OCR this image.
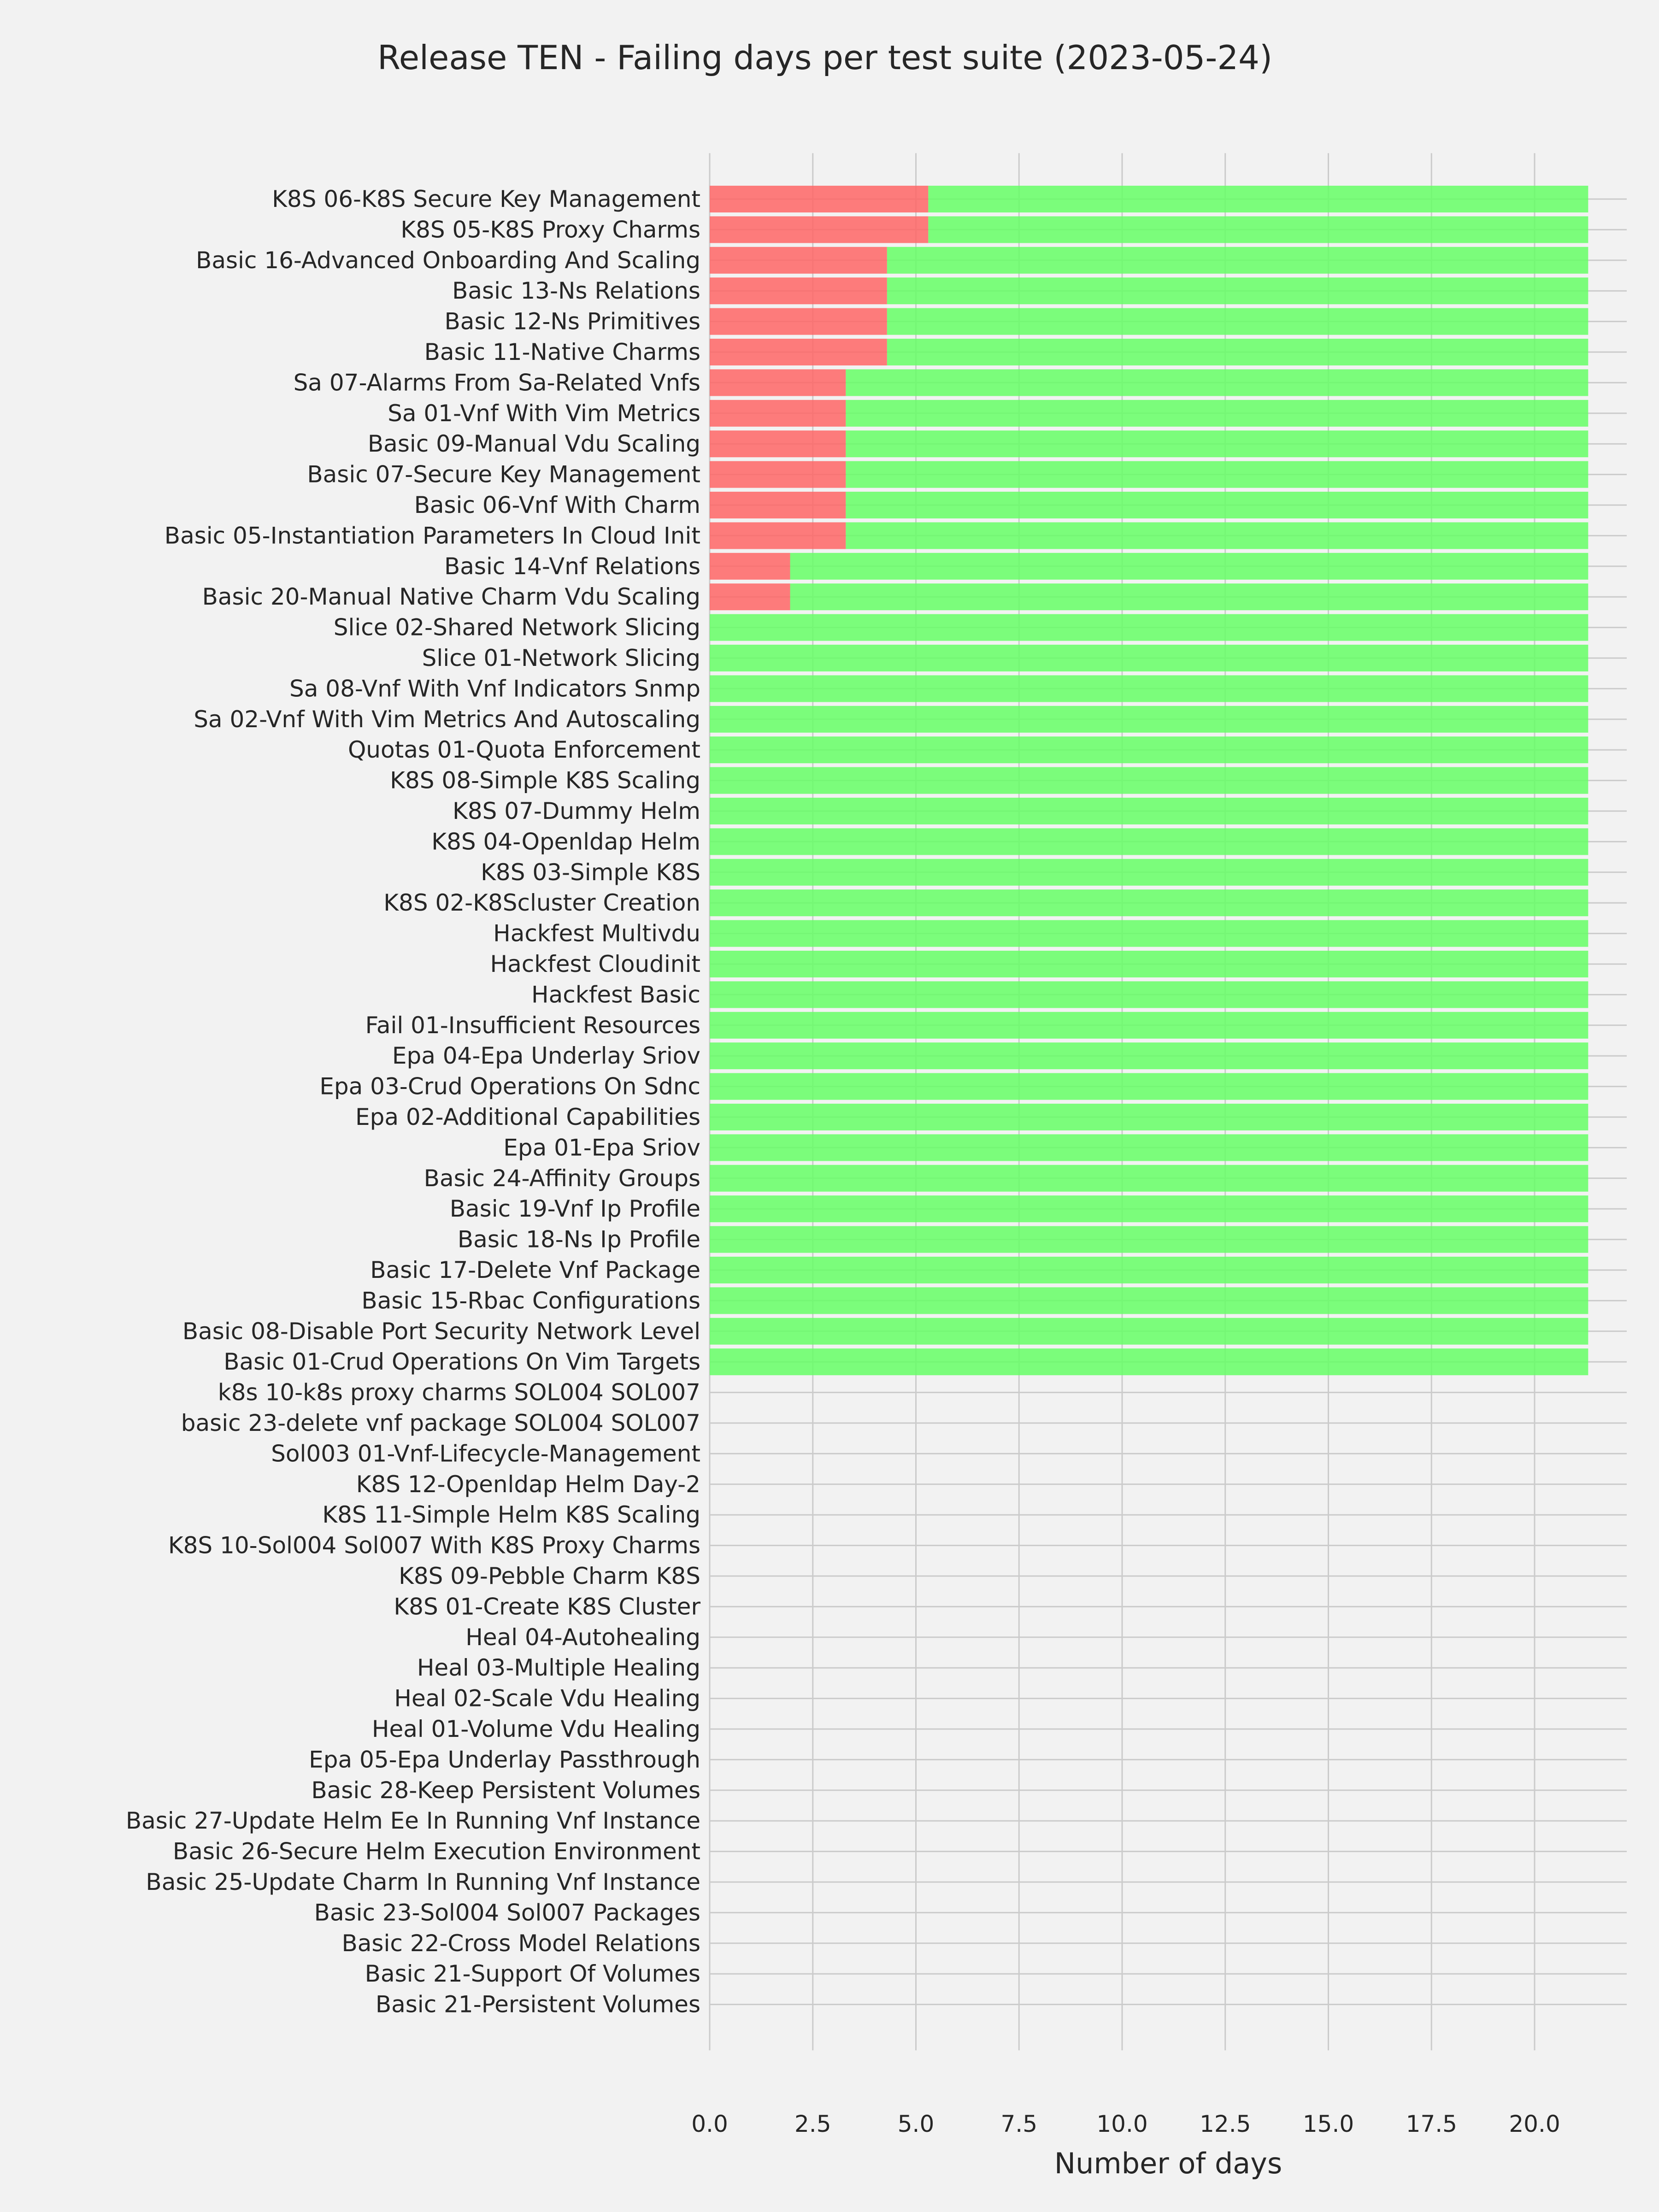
Release TEN - Failing days per test suite (2023-05-24)
K8S 06-K8S Secure Key Management
K8S 05-K8S Proxy Charms
Basic 16-Advanced Onboarding And Scaling
Basic 13-Ns Relations
Basic 12-Ns Primitives
Basic 11-Native Charms
Sa 07-Alarms From Sa-Related Vnfs
Sa 01-Vnf With Vim Metrics
Basic 09-Manual Vdu Scaling
Basic 07-Secure Key Management
Basic 06-Vnf With Charm
Basic 05-Instantiation Parameters In Cloud Init
Basic 14-Vnf Relations
Basic 20-Manual Native Charm Vdu Scaling
Slice 02-Shared Network Slicing
Slice 01-Network Slicing
Sa 08-Vnf With Vnf Indicators Snmp
Sa 02-Vnf With Vim Metrics And Autoscaling
Quotas 01-Quota Enforcement
K8S 08-Simple K8S Scaling
K8S 07-Dummy Helm
K8S 04-Openldap Helm
K8S 03-Simple K8S
K8S 02-K8Scluster Creation
Hackfest Multivdu
Hackfest Cloudinit
Hackfest Basic
Fail 01-Insufficient Resources
Epa 04-Epa Underlay Sriov
Epa 03-Crud Operations On Sdnc
Epa 02-Additional Capabilities
Epa 01-Epa Sriov
Basic 24-Affinity Groups
Basic 19-Vnf Ip Profile
Basic 18-Ns Ip Profile
Basic 17-Delete Vnf Package
Basic 15-Rbac Configurations
Basic 08-Disable Port Security Network Level
Basic 01-Crud Operations On Vim Targets
k8s 10-k8s proxy charms SOL004 SOL007
basic 23-delete vnf package SOL004 SOL007
Sol003 01-Vnf-Lifecycle-Management
K8S 12-Openldap Helm Day-2
K8S 11-Simple Helm K8S Scaling
K8S 10-Sol004 Sol007 With K8S Proxy Charms
K8S 09-Pebble Charm K8S
K8S 01-Create K8S Cluster
Heal 04-Autohealing
Heal 03-Multiple Healing
Heal 02-Scale Vdu Healing
Heal 01-Volume Vdu Healing
Epa 05-Epa Underlay Passthrough
Basic 28-Keep Persistent Volumes
Basic 27-Update Helm Ee In Running Vnf Instance
Basic 26-Secure Helm Execution Environment
Basic 25-Update Charm In Running Vnf Instance
Basic 23-Sol004 Sol007 Packages
Basic 22-Cross Model Relations
Basic 21-Support Of Volumes
Basic 21-Persistent Volumes
0.0	2.5	5.0	7.5	10.0 12.5 15.0 17.5 20.0
Number of days
